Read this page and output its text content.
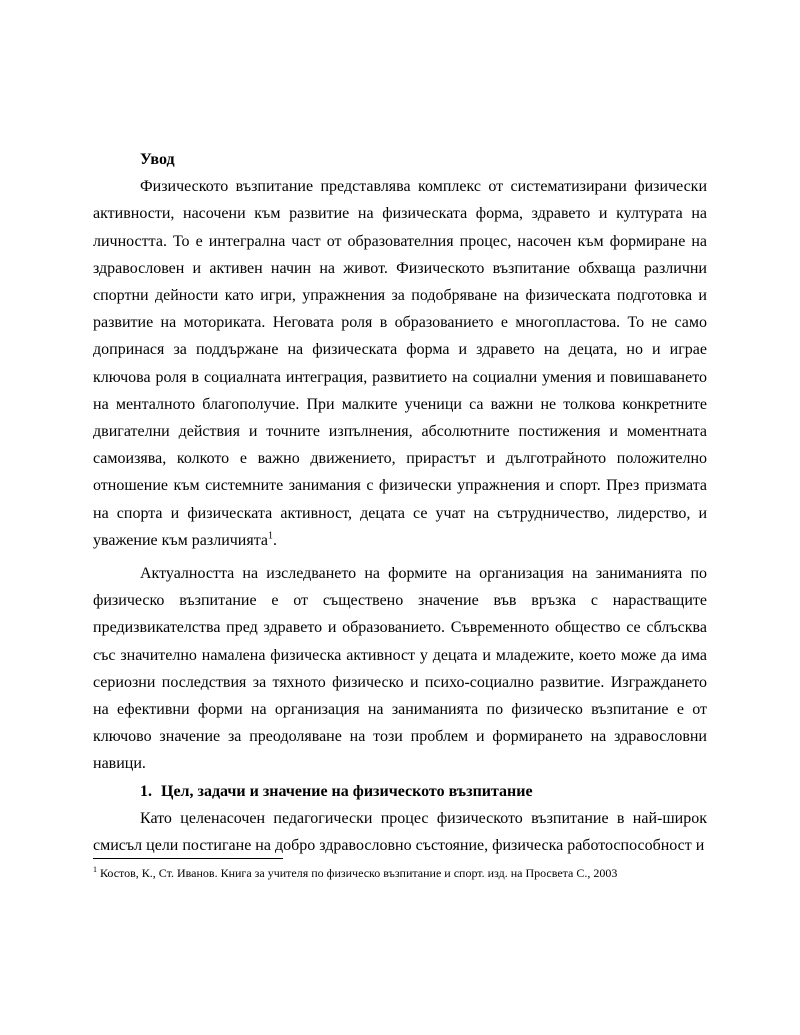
Увод

Физическото възпитание представлява комплекс от систематизирани физически активности, насочени към развитие на физическата форма, здравето и културата на личността. То е интегрална част от образователния процес, насочен към формиране на здравословен и активен начин на живот. Физическото възпитание обхваща различни спортни дейности като игри, упражнения за подобряване на физическата подготовка и развитие на моториката. Неговата роля в образованието е многопластова. То не само допринася за поддържане на физическата форма и здравето на децата, но и играе ключова роля в социалната интеграция, развитието на социални умения и повишаването на менталното благополучие. При малките ученици са важни не толкова конкретните двигателни действия и точните изпълнения, абсолютните постижения и моментната самоизява, колкото е важно движението, прирастът и дълготрайното положително отношение към системните занимания с физически упражнения и спорт. През призмата на спорта и физическата активност, децата се учат на сътрудничество, лидерство, и уважение към различията$^1$.

Актуалността на изследването на формите на организация на заниманията по физическо възпитание е от съществено значение във връзка с нарастващите предизвикателства пред здравето и образованието. Съвременното общество се сблъсква със значително намалена физическа активност у децата и младежите, което може да има сериозни последствия за тяхното физическо и психо-социално развитие. Изграждането на ефективни форми на организация на заниманията по физическо възпитание е от ключово значение за преодоляване на този проблем и формирането на здравословни навици.

1. Цел, задачи и значение на физическото възпитание

Като целенасочен педагогически процес физическото възпитание в най-широк смисъл цели постигане на добро здравословно състояние, физическа работоспособност и

$^1$ Костов, К., Ст. Иванов. Книга за учителя по физическо възпитание и спорт. изд. на Просвета С., 2003
